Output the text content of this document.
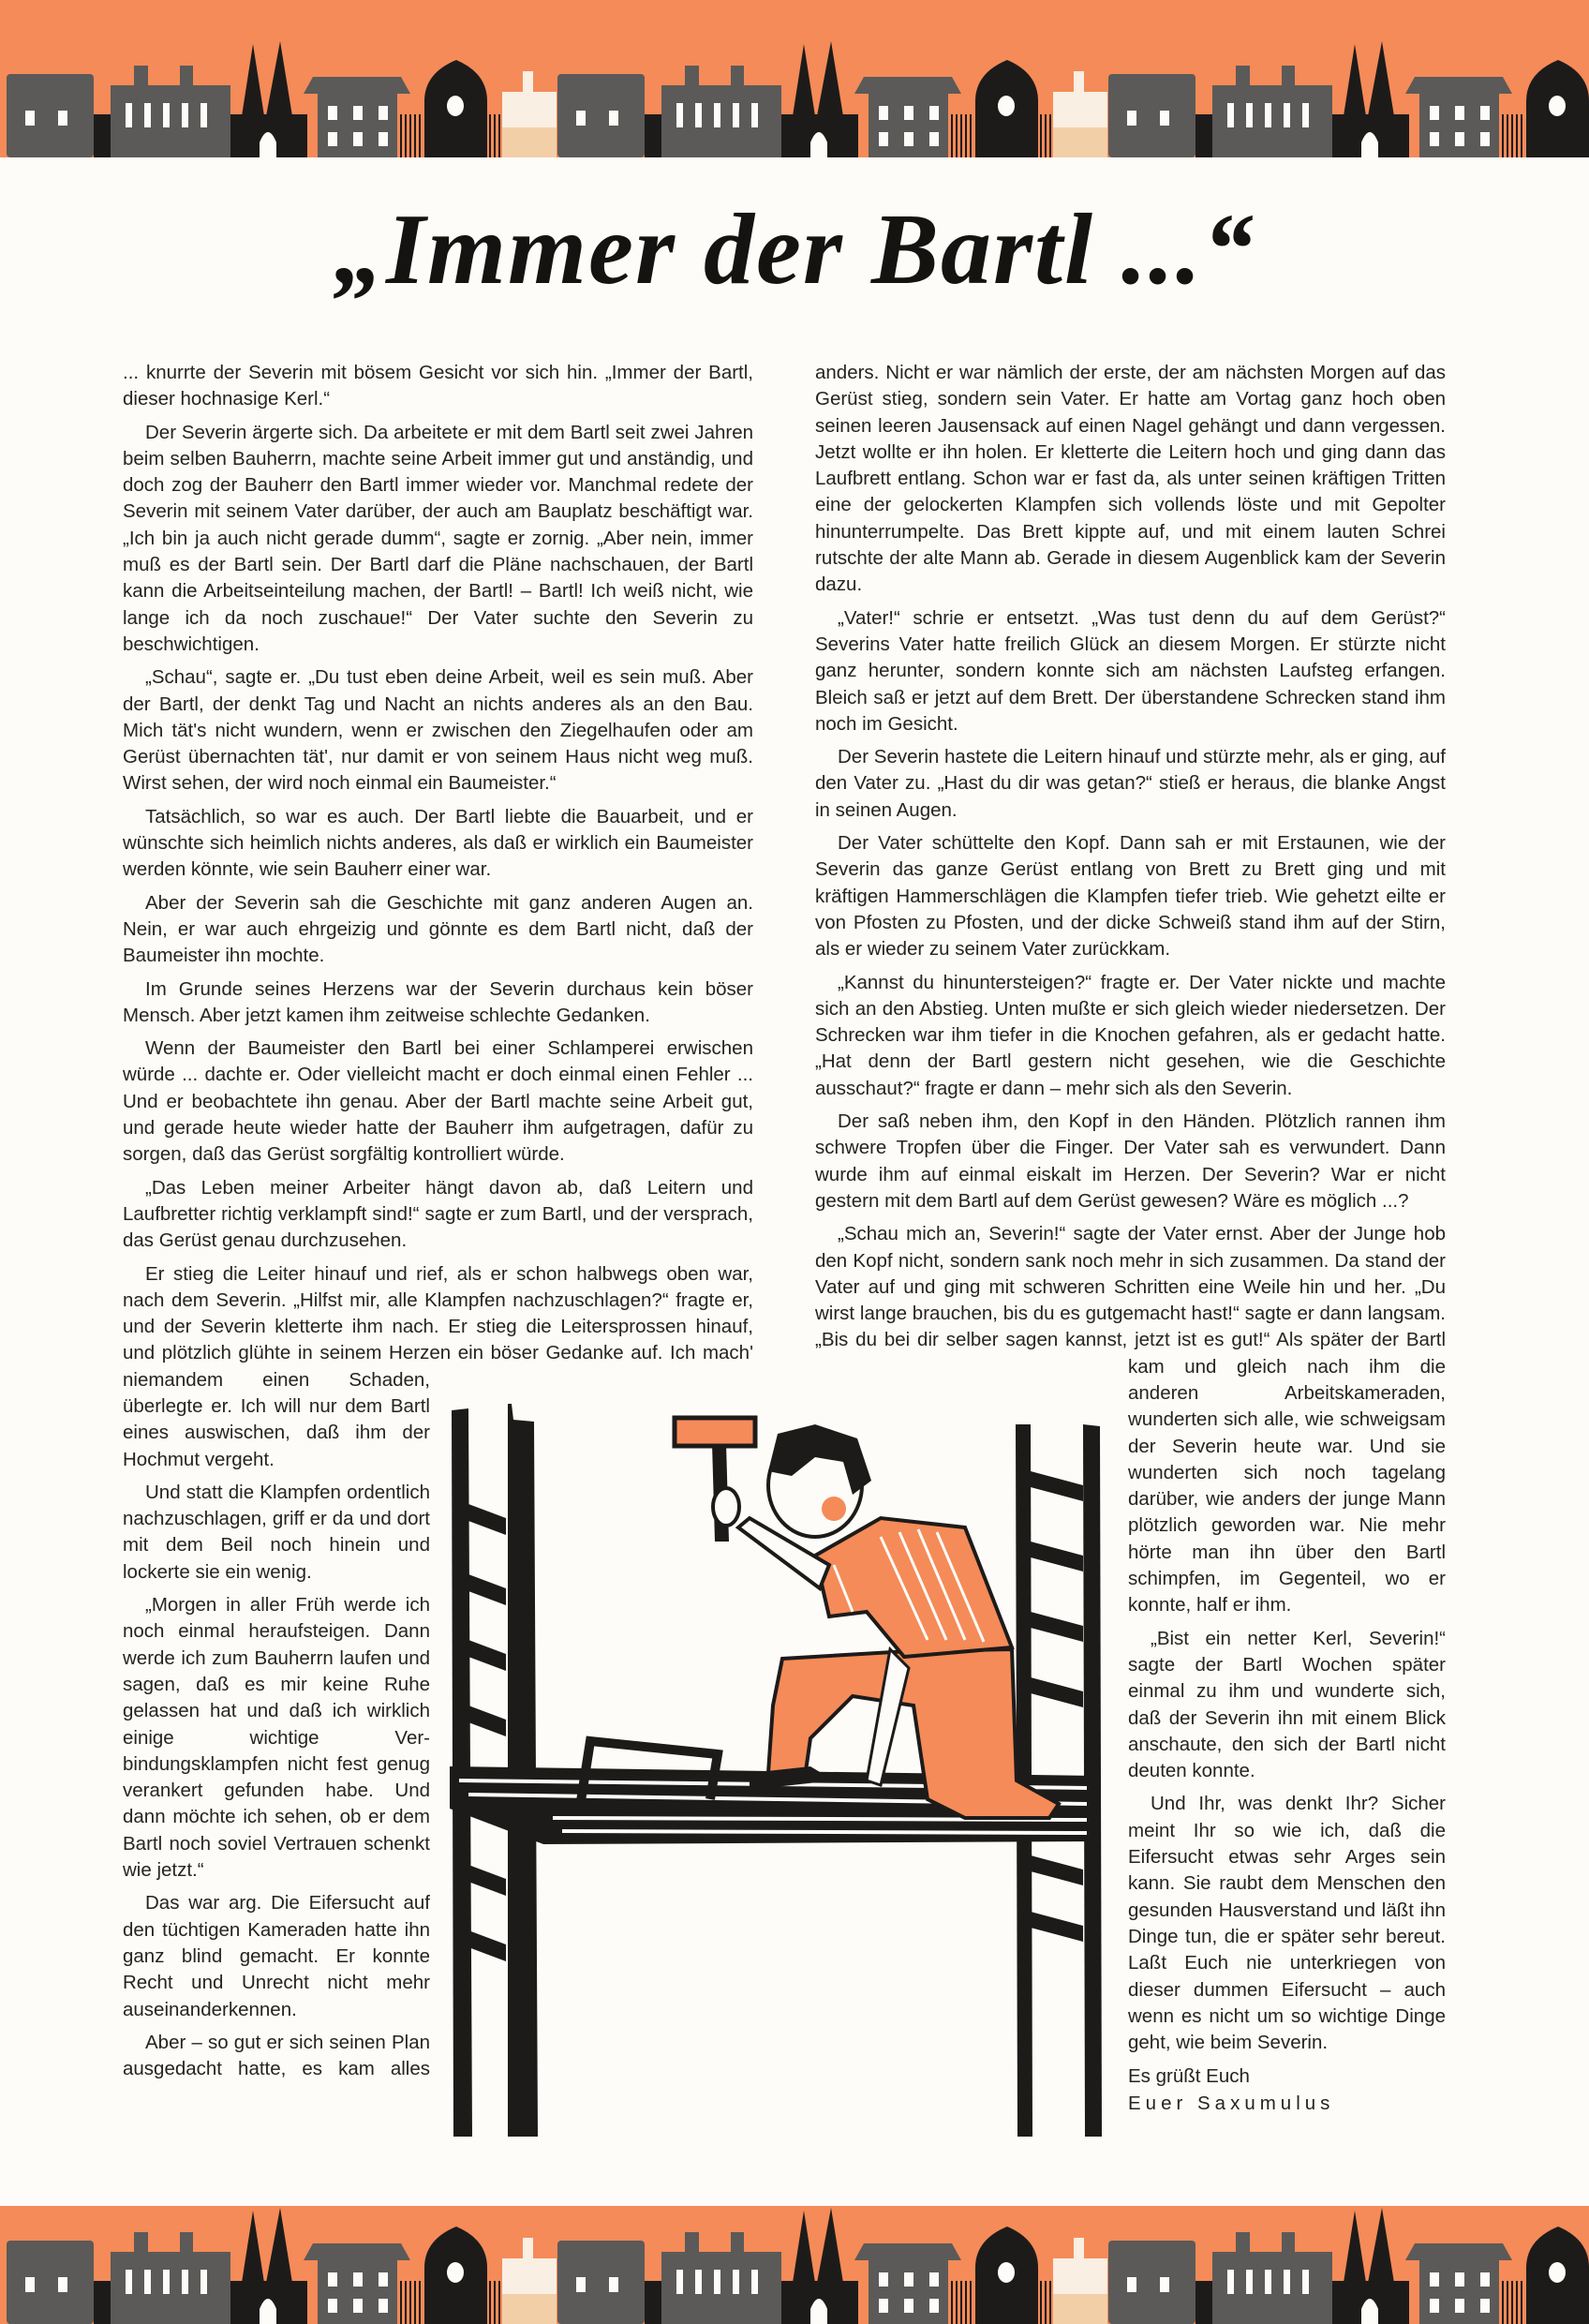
„Immer der Bartl ...“

... knurrte der Severin mit bösem Gesicht vor sich hin. „Immer der Bartl, dieser hochnasige Kerl.“

Der Severin ärgerte sich. Da arbeitete er mit dem Bartl seit zwei Jahren beim selben Bauherrn, machte seine Arbeit immer gut und anständig, und doch zog der Bauherr den Bartl immer wieder vor. Manchmal redete der Severin mit seinem Vater darüber, der auch am Bauplatz beschäftigt war. „Ich bin ja auch nicht gerade dumm“, sagte er zornig. „Aber nein, immer muß es der Bartl sein. Der Bartl darf die Pläne nachschauen, der Bartl kann die Arbeitseinteilung machen, der Bartl! – Bartl! Ich weiß nicht, wie lange ich da noch zuschaue!“ Der Vater suchte den Severin zu beschwichtigen.

„Schau“, sagte er. „Du tust eben deine Arbeit, weil es sein muß. Aber der Bartl, der denkt Tag und Nacht an nichts anderes als an den Bau. Mich tät's nicht wundern, wenn er zwischen den Ziegelhaufen oder am Gerüst übernachten tät', nur damit er von seinem Haus nicht weg muß. Wirst sehen, der wird noch einmal ein Baumeister.“

Tatsächlich, so war es auch. Der Bartl liebte die Bauarbeit, und er wünschte sich heimlich nichts anderes, als daß er wirklich ein Baumeister werden könnte, wie sein Bauherr einer war.

Aber der Severin sah die Geschichte mit ganz anderen Augen an. Nein, er war auch ehrgeizig und gönnte es dem Bartl nicht, daß der Baumeister ihn mochte.

Im Grunde seines Herzens war der Severin durchaus kein böser Mensch. Aber jetzt kamen ihm zeitweise schlechte Gedanken.

Wenn der Baumeister den Bartl bei einer Schlamperei erwischen würde ... dachte er. Oder vielleicht macht er doch einmal einen Fehler ... Und er beobachtete ihn genau. Aber der Bartl machte seine Arbeit gut, und gerade heute wieder hatte der Bauherr ihm aufgetragen, dafür zu sorgen, daß das Gerüst sorgfältig kontrolliert würde.

„Das Leben meiner Arbeiter hängt davon ab, daß Leitern und Laufbretter richtig verklampft sind!“ sagte er zum Bartl, und der versprach, das Gerüst genau durchzusehen.

Er stieg die Leiter hinauf und rief, als er schon halbwegs oben war, nach dem Severin. „Hilfst mir, alle Klampfen nachzuschlagen?“ fragte er, und der Severin kletterte ihm nach. Er stieg die Leitersprossen hinauf, und plötzlich glühte in seinem Herzen ein böser Gedanke auf. Ich mach' niemandem einen Schaden, überlegte er. Ich will nur dem Bartl eines auswischen, daß ihm der Hochmut vergeht.

Und statt die Klampfen ordentlich nachzuschlagen, griff er da und dort mit dem Beil noch hinein und lockerte sie ein wenig.

„Morgen in aller Früh werde ich noch einmal heraufsteigen. Dann werde ich zum Bauherrn laufen und sagen, daß es mir keine Ruhe gelassen hat und daß ich wirklich einige wichtige Verbindungsklampfen nicht fest genug verankert gefunden habe. Und dann möchte ich sehen, ob er dem Bartl noch soviel Vertrauen schenkt wie jetzt.“

Das war arg. Die Eifersucht auf den tüchtigen Kameraden hatte ihn ganz blind gemacht. Er konnte Recht und Unrecht nicht mehr auseinanderkennen.

Aber – so gut er sich seinen Plan ausgedacht hatte, es kam alles

anders. Nicht er war nämlich der erste, der am nächsten Morgen auf das Gerüst stieg, sondern sein Vater. Er hatte am Vortag ganz hoch oben seinen leeren Jausensack auf einen Nagel gehängt und dann vergessen. Jetzt wollte er ihn holen. Er kletterte die Leitern hoch und ging dann das Laufbrett entlang. Schon war er fast da, als unter seinen kräftigen Tritten eine der gelockerten Klampfen sich vollends löste und mit Gepolter hinunterrumpelte. Das Brett kippte auf, und mit einem lauten Schrei rutschte der alte Mann ab. Gerade in diesem Augenblick kam der Severin dazu.

„Vater!“ schrie er entsetzt. „Was tust denn du auf dem Gerüst?“ Severins Vater hatte freilich Glück an diesem Morgen. Er stürzte nicht ganz herunter, sondern konnte sich am nächsten Laufsteg erfangen. Bleich saß er jetzt auf dem Brett. Der überstandene Schrecken stand ihm noch im Gesicht.

Der Severin hastete die Leitern hinauf und stürzte mehr, als er ging, auf den Vater zu. „Hast du dir was getan?“ stieß er heraus, die blanke Angst in seinen Augen.

Der Vater schüttelte den Kopf. Dann sah er mit Erstaunen, wie der Severin das ganze Gerüst entlang von Brett zu Brett ging und mit kräftigen Hammerschlägen die Klampfen tiefer trieb. Wie gehetzt eilte er von Pfosten zu Pfosten, und der dicke Schweiß stand ihm auf der Stirn, als er wieder zu seinem Vater zurückkam.

„Kannst du hinuntersteigen?“ fragte er. Der Vater nickte und machte sich an den Abstieg. Unten mußte er sich gleich wieder niedersetzen. Der Schrecken war ihm tiefer in die Knochen gefahren, als er gedacht hatte. „Hat denn der Bartl gestern nicht gesehen, wie die Geschichte ausschaut?“ fragte er dann – mehr sich als den Severin.

Der saß neben ihm, den Kopf in den Händen. Plötzlich rannen ihm schwere Tropfen über die Finger. Der Vater sah es verwundert. Dann wurde ihm auf einmal eiskalt im Herzen. Der Severin? War er nicht gestern mit dem Bartl auf dem Gerüst gewesen? Wäre es möglich ...?

„Schau mich an, Severin!“ sagte der Vater ernst. Aber der Junge hob den Kopf nicht, sondern sank noch mehr in sich zusammen. Da stand der Vater auf und ging mit schweren Schritten eine Weile hin und her. „Du wirst lange brauchen, bis du es gutgemacht hast!“ sagte er dann langsam. „Bis du bei dir selber sagen kannst, jetzt ist es gut!“ Als später der Bartl kam und gleich nach ihm die anderen Arbeitskameraden, wunderten sich alle, wie schweigsam der Severin heute war. Und sie wunderten sich noch tagelang darüber, wie anders der junge Mann plötzlich geworden war. Nie mehr hörte man ihn über den Bartl schimpfen, im Gegenteil, wo er konnte, half er ihm.

„Bist ein netter Kerl, Severin!“ sagte der Bartl Wochen später einmal zu ihm und wunderte sich, daß der Severin ihn mit einem Blick anschaute, den sich der Bartl nicht deuten konnte.

Und Ihr, was denkt Ihr? Sicher meint Ihr so wie ich, daß die Eifersucht etwas sehr Arges sein kann. Sie raubt dem Menschen den gesunden Hausverstand und läßt ihn Dinge tun, die er später sehr bereut. Laßt Euch nie unterkriegen von dieser dummen Eifersucht – auch wenn es nicht um so wichtige Dinge geht, wie beim Severin.

Es grüßt Euch
Euer Saxumulus
